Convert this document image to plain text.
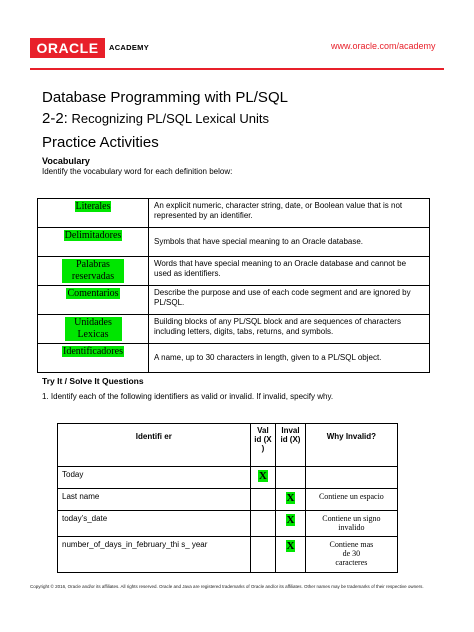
ORACLE	ACADEMY	www.oracle.com/academy
Database Programming with PL/SQL
2-2: Recognizing PL/SQL Lexical Units
Practice Activities
Vocabulary
Identify the vocabulary word for each definition below:
Literales	An explicit numeric, character string, date, or Boolean value that is not represented by an identifier.
Delimitadores	Symbols that have special meaning to an Oracle database.
Palabras reservadas	Words that have special meaning to an Oracle database and cannot be used as identifiers.
Comentarios	Describe the purpose and use of each code segment and are ignored by PL/SQL.
Unidades Lexicas	Building blocks of any PL/SQL block and are sequences of characters including letters, digits, tabs, returns, and symbols.
Identificadores	A name, up to 30 characters in length, given to a PL/SQL object.
Try It / Solve It Questions
1. Identify each of the following identifiers as valid or invalid. If invalid, specify why.
Identifi er	Val id (X )	Inval id (X)	Why Invalid?
Today	X		
Last name		X	Contiene un espacio
today’s_date		X	Contiene un signo invalido
number_of_days_in_february_thi s_ year		X	Contiene mas de 30 caracteres
Copyright © 2016, Oracle and/or its affiliates. All rights reserved. Oracle and Java are registered trademarks of Oracle and/or its affiliates. Other names may be trademarks of their respective owners.
